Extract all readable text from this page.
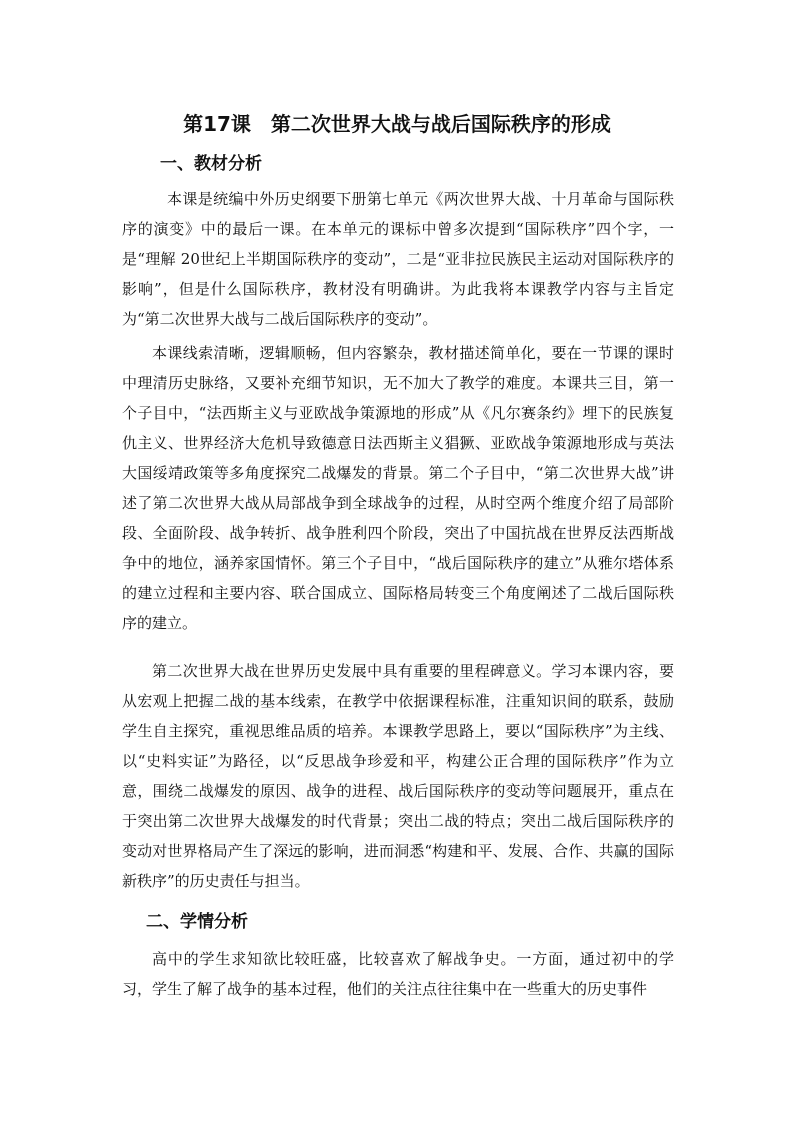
第17课　第二次世界大战与战后国际秩序的形成
一、教材分析

本课是统编中外历史纲要下册第七单元《两次世界大战、十月革命与国际秩序的演变》中的最后一课。在本单元的课标中曾多次提到“国际秩序”四个字，一是“理解 20世纪上半期国际秩序的变动”，二是“亚非拉民族民主运动对国际秩序的影响”，但是什么国际秩序，教材没有明确讲。为此我将本课教学内容与主旨定为“第二次世界大战与二战后国际秩序的变动”。

本课线索清晰，逻辑顺畅，但内容繁杂，教材描述简单化，要在一节课的课时中理清历史脉络，又要补充细节知识，无不加大了教学的难度。本课共三目，第一个子目中，“法西斯主义与亚欧战争策源地的形成”从《凡尔赛条约》埋下的民族复仇主义、世界经济大危机导致德意日法西斯主义猖獗、亚欧战争策源地形成与英法大国绥靖政策等多角度探究二战爆发的背景。第二个子目中，“第二次世界大战”讲述了第二次世界大战从局部战争到全球战争的过程，从时空两个维度介绍了局部阶段、全面阶段、战争转折、战争胜利四个阶段，突出了中国抗战在世界反法西斯战争中的地位，涵养家国情怀。第三个子目中，“战后国际秩序的建立”从雅尔塔体系的建立过程和主要内容、联合国成立、国际格局转变三个角度阐述了二战后国际秩序的建立。

第二次世界大战在世界历史发展中具有重要的里程碑意义。学习本课内容，要从宏观上把握二战的基本线索，在教学中依据课程标准，注重知识间的联系，鼓励学生自主探究，重视思维品质的培养。本课教学思路上，要以“国际秩序”为主线、以“史料实证”为路径，以“反思战争珍爱和平，构建公正合理的国际秩序”作为立意，围绕二战爆发的原因、战争的进程、战后国际秩序的变动等问题展开，重点在于突出第二次世界大战爆发的时代背景；突出二战的特点；突出二战后国际秩序的变动对世界格局产生了深远的影响，进而洞悉“构建和平、发展、合作、共赢的国际新秩序”的历史责任与担当。

二、学情分析

高中的学生求知欲比较旺盛，比较喜欢了解战争史。一方面，通过初中的学习，学生了解了战争的基本过程，他们的关注点往往集中在一些重大的历史事件
